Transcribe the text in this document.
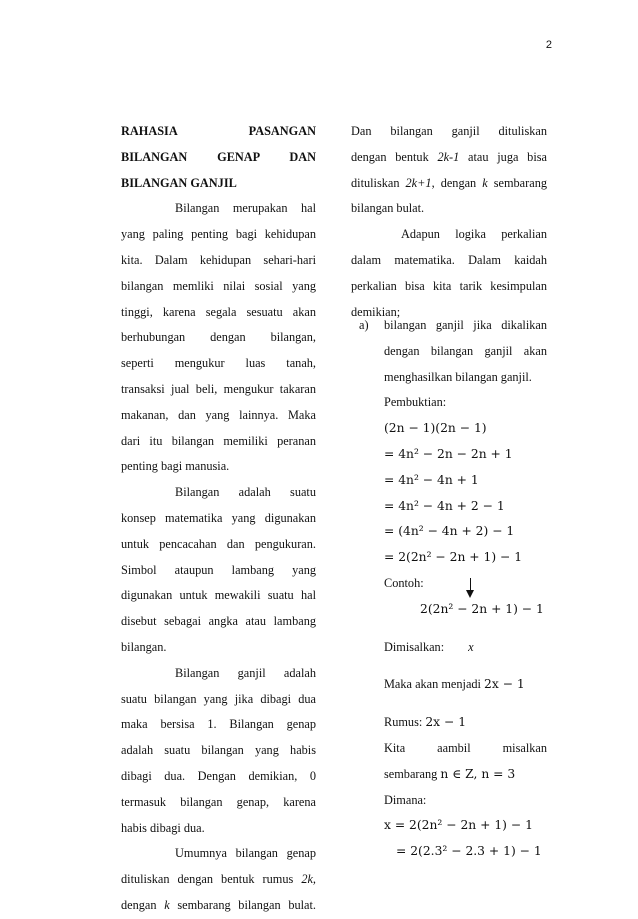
2
RAHASIA	PASANGAN
BILANGAN GENAP DAN
BILANGAN GANJIL
Bilangan merupakan hal
yang paling penting bagi kehidupan
kita. Dalam kehidupan sehari-hari
bilangan memliki nilai sosial yang
tinggi, karena segala sesuatu akan
berhubungan dengan bilangan,
seperti mengukur luas tanah,
transaksi jual beli, mengukur takaran
makanan, dan yang lainnya. Maka
dari itu bilangan memiliki peranan
penting bagi manusia.
Bilangan adalah suatu
konsep matematika yang digunakan
untuk pencacahan dan pengukuran.
Simbol ataupun lambang yang
digunakan untuk mewakili suatu hal
disebut sebagai angka atau lambang
bilangan.
Bilangan ganjil adalah
suatu bilangan yang jika dibagi dua
maka bersisa 1. Bilangan genap
adalah suatu bilangan yang habis
dibagi dua. Dengan demikian, 0
termasuk bilangan genap, karena
habis dibagi dua.
Umumnya bilangan genap
dituliskan dengan bentuk rumus 2k,
dengan k sembarang bilangan bulat.
Dan bilangan ganjil dituliskan
dengan bentuk 2k-1 atau juga bisa
dituliskan 2k+1, dengan k sembarang
bilangan bulat.
Adapun logika perkalian
dalam matematika. Dalam kaidah
perkalian bisa kita tarik kesimpulan
demikian;
a) bilangan ganjil jika dikalikan
dengan bilangan ganjil akan
menghasilkan bilangan ganjil.
Pembuktian:
(2n − 1)(2n − 1)
= 4n² − 2n − 2n + 1
= 4n² − 4n + 1
= 4n² − 4n + 2 − 1
= (4n² − 4n + 2) − 1
= 2(2n² − 2n + 1) − 1
Contoh:
2(2n² − 2n + 1) − 1
Dimisalkan: x
Maka akan menjadi 2x − 1
Rumus: 2x − 1
Kita	aambil	misalkan
sembarang n ∈ Z, n = 3
Dimana:
x = 2(2n² − 2n + 1) − 1
= 2(2.3² − 2.3 + 1) − 1
